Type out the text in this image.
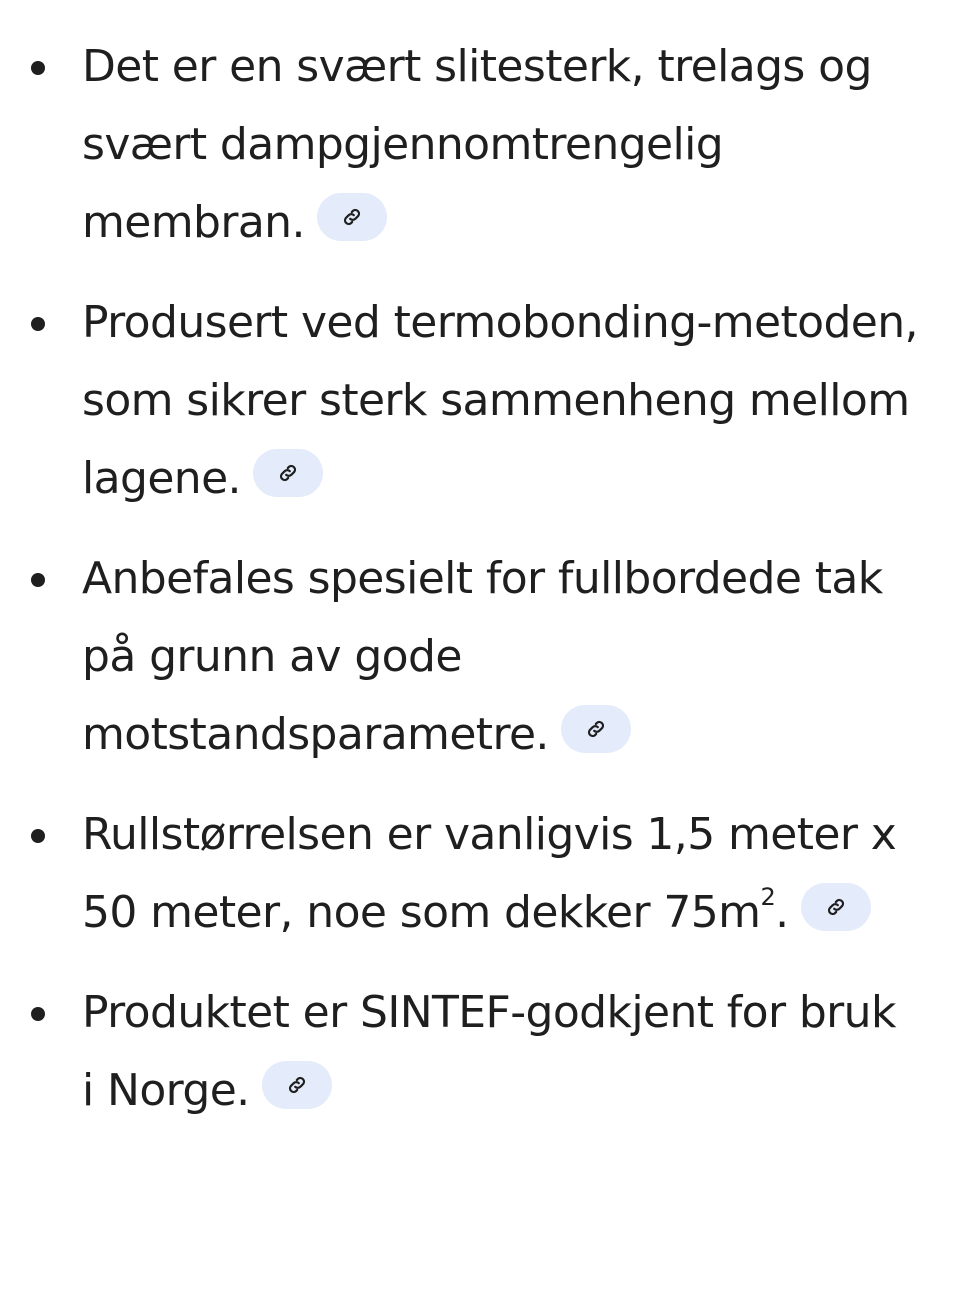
Det er en svært slitesterk, trelags og svært dampgjennomtrengelig membran.
Produsert ved termobonding-metoden, som sikrer sterk sammenheng mellom lagene.
Anbefales spesielt for fullbordede tak på grunn av gode motstandsparametre.
Rullstørrelsen er vanligvis 1,5 meter x 50 meter, noe som dekker $75m^2$.
Produktet er SINTEF-godkjent for bruk i Norge.
